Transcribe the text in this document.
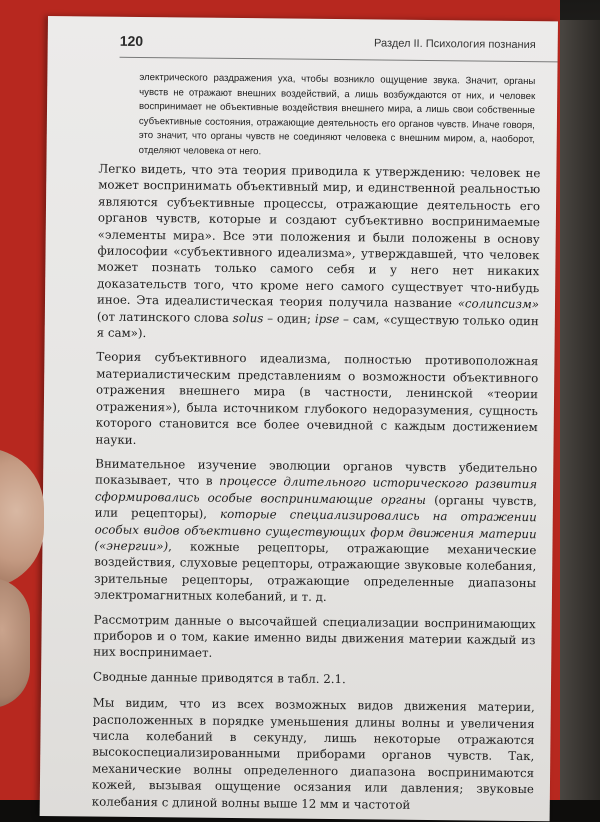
120	Раздел II. Психология познания
электрического раздражения уха, чтобы возникло ощущение звука. Значит, органы чувств не отражают внешних воздействий, а лишь возбуждаются от них, и человек воспринимает не объективные воздействия внешнего мира, а лишь свои собственные субъективные состояния, отражающие деятельность его органов чувств. Иначе говоря, это значит, что органы чувств не соединяют человека с внешним миром, а, наоборот, отделяют человека от него.

Легко видеть, что эта теория приводила к утверждению: человек не может воспринимать объективный мир, и единственной реальностью являются субъективные процессы, отражающие деятельность его органов чувств, которые и создают субъективно воспринимаемые «элементы мира». Все эти положения и были положены в основу философии «субъективного идеализма», утверждавшей, что человек может познать только самого себя и у него нет никаких доказательств того, что кроме него самого существует что-нибудь иное. Эта идеалистическая теория получила название «солипсизм» (от латинского слова solus – один; ipse – сам, «существую только один я сам»).

Теория субъективного идеализма, полностью противоположная материалистическим представлениям о возможности объективного отражения внешнего мира (в частности, ленинской «теории отражения»), была источником глубокого недоразумения, сущность которого становится все более очевидной с каждым достижением науки.

Внимательное изучение эволюции органов чувств убедительно показывает, что в процессе длительного исторического развития сформировались особые воспринимающие органы (органы чувств, или рецепторы), которые специализировались на отражении особых видов объективно существующих форм движения материи («энергии»), кожные рецепторы, отражающие механические воздействия, слуховые рецепторы, отражающие звуковые колебания, зрительные рецепторы, отражающие определенные диапазоны электромагнитных колебаний, и т. д.

Рассмотрим данные о высочайшей специализации воспринимающих приборов и о том, какие именно виды движения материи каждый из них воспринимает.

Сводные данные приводятся в табл. 2.1.

Мы видим, что из всех возможных видов движения материи, расположенных в порядке уменьшения длины волны и увеличения числа колебаний в секунду, лишь некоторые отражаются высокоспециализированными приборами органов чувств. Так, механические волны определенного диапазона воспринимаются кожей, вызывая ощущение осязания или давления; звуковые колебания с длиной волны выше 12 мм и частотой
